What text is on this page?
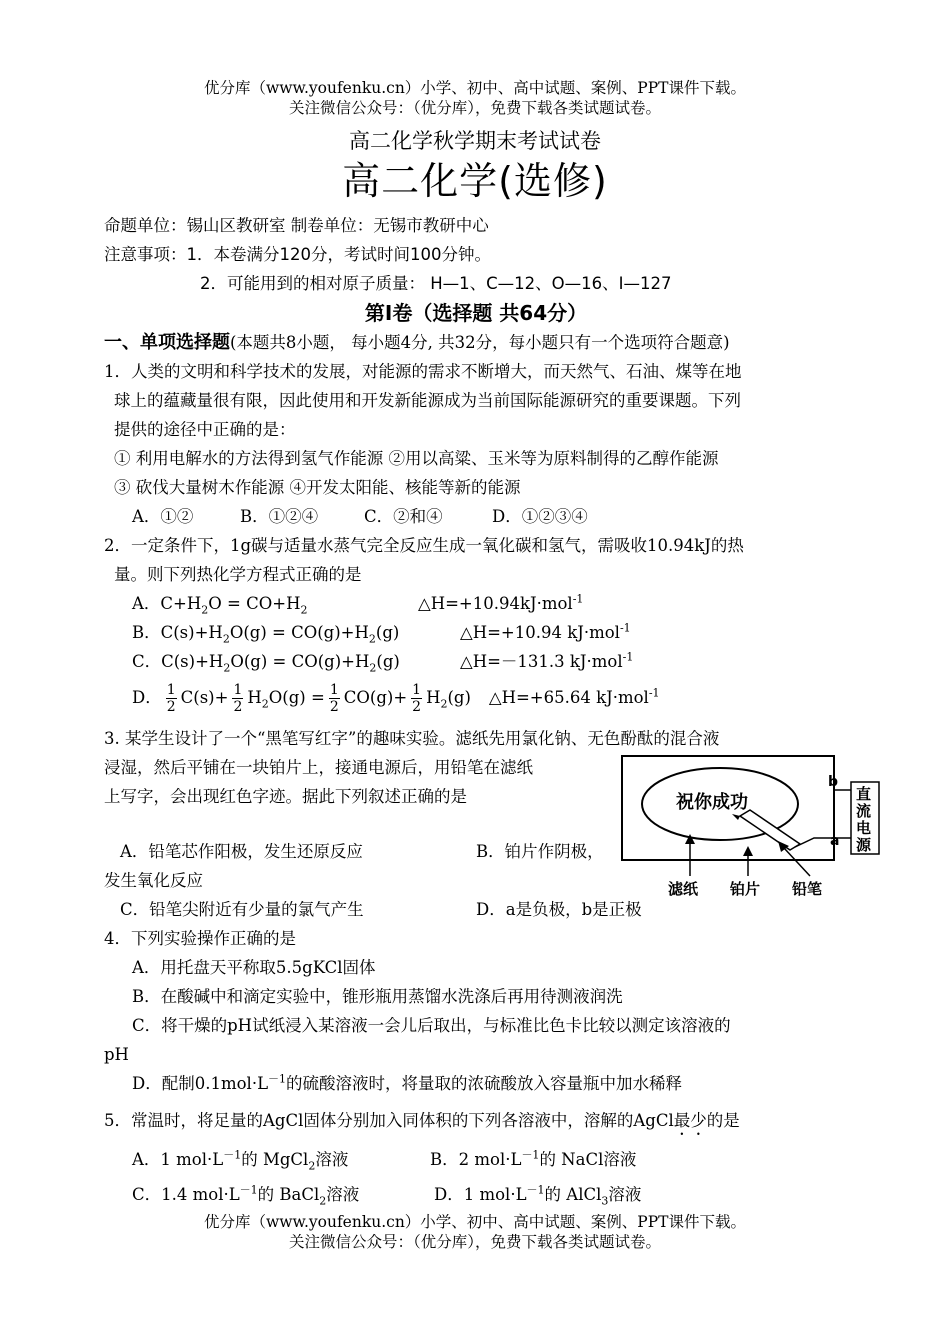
优分库（www.youfenku.cn）小学、初中、高中试题、案例、PPT课件下载。
关注微信公众号：（优分库），免费下载各类试题试卷。
高二化学秋学期末考试试卷
高二化学(选修)
命题单位：锡山区教研室 制卷单位：无锡市教研中心
注意事项：1．本卷满分120分，考试时间100分钟。
2．可能用到的相对原子质量： H—1、C—12、O—16、I—127
第Ⅰ卷（选择题 共64分）
一、单项选择题(本题共8小题， 每小题4分, 共32分，每小题只有一个选项符合题意)
1．人类的文明和科学技术的发展，对能源的需求不断增大，而天然气、石油、煤等在地
球上的蕴藏量很有限，因此使用和开发新能源成为当前国际能源研究的重要课题。下列
提供的途径中正确的是：
① 利用电解水的方法得到氢气作能源 ②用以高粱、玉米等为原料制得的乙醇作能源
③ 砍伐大量树木作能源 ④开发太阳能、核能等新的能源
A．①②	B．①②④	C．②和④	D．①②③④
2．一定条件下，1g碳与适量水蒸气完全反应生成一氧化碳和氢气，需吸收10.94kJ的热
量。则下列热化学方程式正确的是
A．$C+H_2O = CO+H_2$	△H=+10.94kJ·mol$^{-1}$
B．$C(s)+H_2O(g) = CO(g)+H_2(g)$	△H=+10.94 kJ·mol$^{-1}$
C．$C(s)+H_2O(g) = CO(g)+H_2(g)$	△H=－131.3 kJ·mol$^{-1}$
D． $\frac{1}{2} C(s)+ \frac{1}{2} H_2O(g) = \frac{1}{2} CO(g)+ \frac{1}{2} H_2(g)$ △H=+65.64 kJ·mol$^{-1}$
3. 某学生设计了一个“黑笔写红字”的趣味实验。滤纸先用氯化钠、无色酚酞的混合液
浸湿，然后平铺在一块铂片上，接通电源后，用铅笔在滤纸
上写字，会出现红色字迹。据此下列叙述正确的是
A．铅笔芯作阳极，发生还原反应	B．铂片作阴极，
发生氧化反应
C．铅笔尖附近有少量的氯气产生	D．a是负极，b是正极
4．下列实验操作正确的是
A．用托盘天平称取5.5gKCl固体
B．在酸碱中和滴定实验中，锥形瓶用蒸馏水洗涤后再用待测液润洗
C．将干燥的pH试纸浸入某溶液一会儿后取出，与标准比色卡比较以测定该溶液的
pH
D．配制$0.1mol\cdot L^{-1}$的硫酸溶液时，将量取的浓硫酸放入容量瓶中加水稀释
5．常温时，将足量的AgCl固体分别加入同体积的下列各溶液中，溶解的AgCl最少的是
A．1 $mol\cdot L^{-1}$的 MgCl$_2$溶液	B．2 $mol\cdot L^{-1}$的 NaCl溶液
C．1.4 $mol\cdot L^{-1}$的 BaCl$_2$溶液	D．1 $mol\cdot L^{-1}$的 AlCl$_3$溶液
祝你成功	直
流
电
源
b
a
滤纸 铂片 铅笔
优分库（www.youfenku.cn）小学、初中、高中试题、案例、PPT课件下载。
关注微信公众号：（优分库），免费下载各类试题试卷。
